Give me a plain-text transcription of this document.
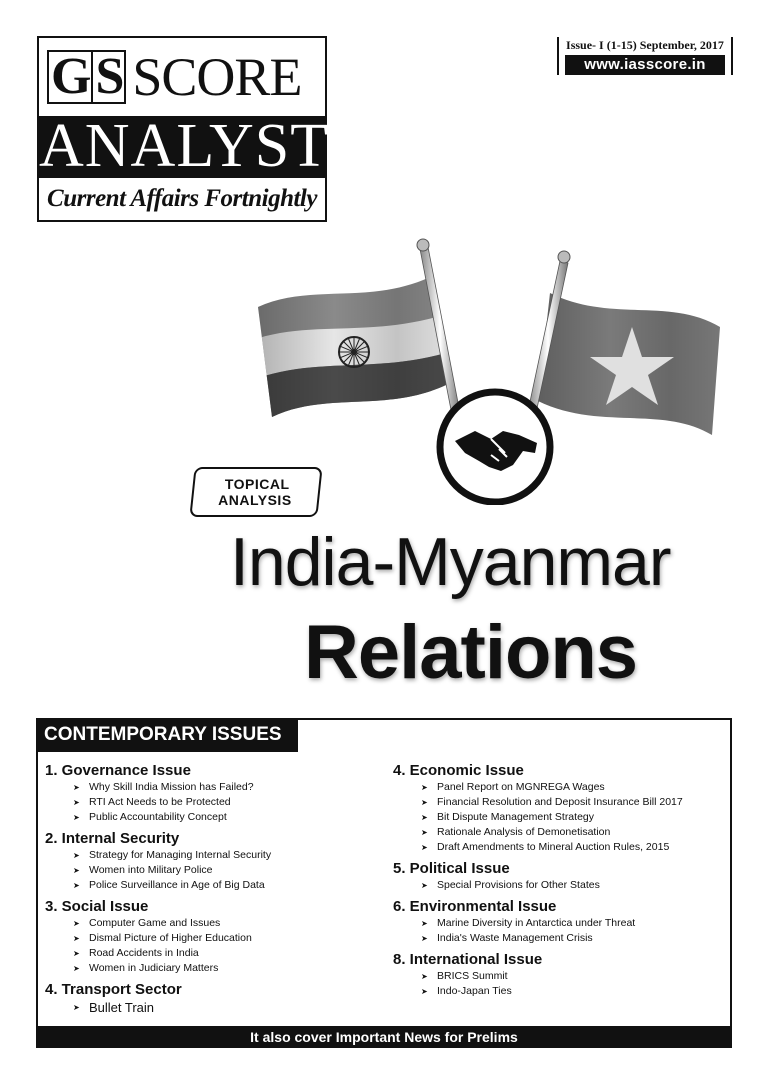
G S SCORE
ANALYST
Current Affairs Fortnightly
Issue- I (1-15) September, 2017
www.iasscore.in
TOPICAL
ANALYSIS
India-Myanmar
Relations
CONTEMPORARY ISSUES
1. Governance Issue
➤ Why Skill India Mission has Failed?
➤ RTI Act Needs to be Protected
➤ Public Accountability Concept
2. Internal Security
➤ Strategy for Managing Internal Security
➤ Women into Military Police
➤ Police Surveillance in Age of Big Data
3. Social Issue
➤ Computer Game and Issues
➤ Dismal Picture of Higher Education
➤ Road Accidents in India
➤ Women in Judiciary Matters
4. Transport Sector
➤ Bullet Train
4. Economic Issue
➤ Panel Report on MGNREGA Wages
➤ Financial Resolution and Deposit Insurance Bill 2017
➤ Bit Dispute Management Strategy
➤ Rationale Analysis of Demonetisation
➤ Draft Amendments to Mineral Auction Rules, 2015
5. Political Issue
➤ Special Provisions for Other States
6. Environmental Issue
➤ Marine Diversity in Antarctica under Threat
➤ India's Waste Management Crisis
8. International Issue
➤ BRICS Summit
➤ Indo-Japan Ties
It also cover Important News for Prelims
